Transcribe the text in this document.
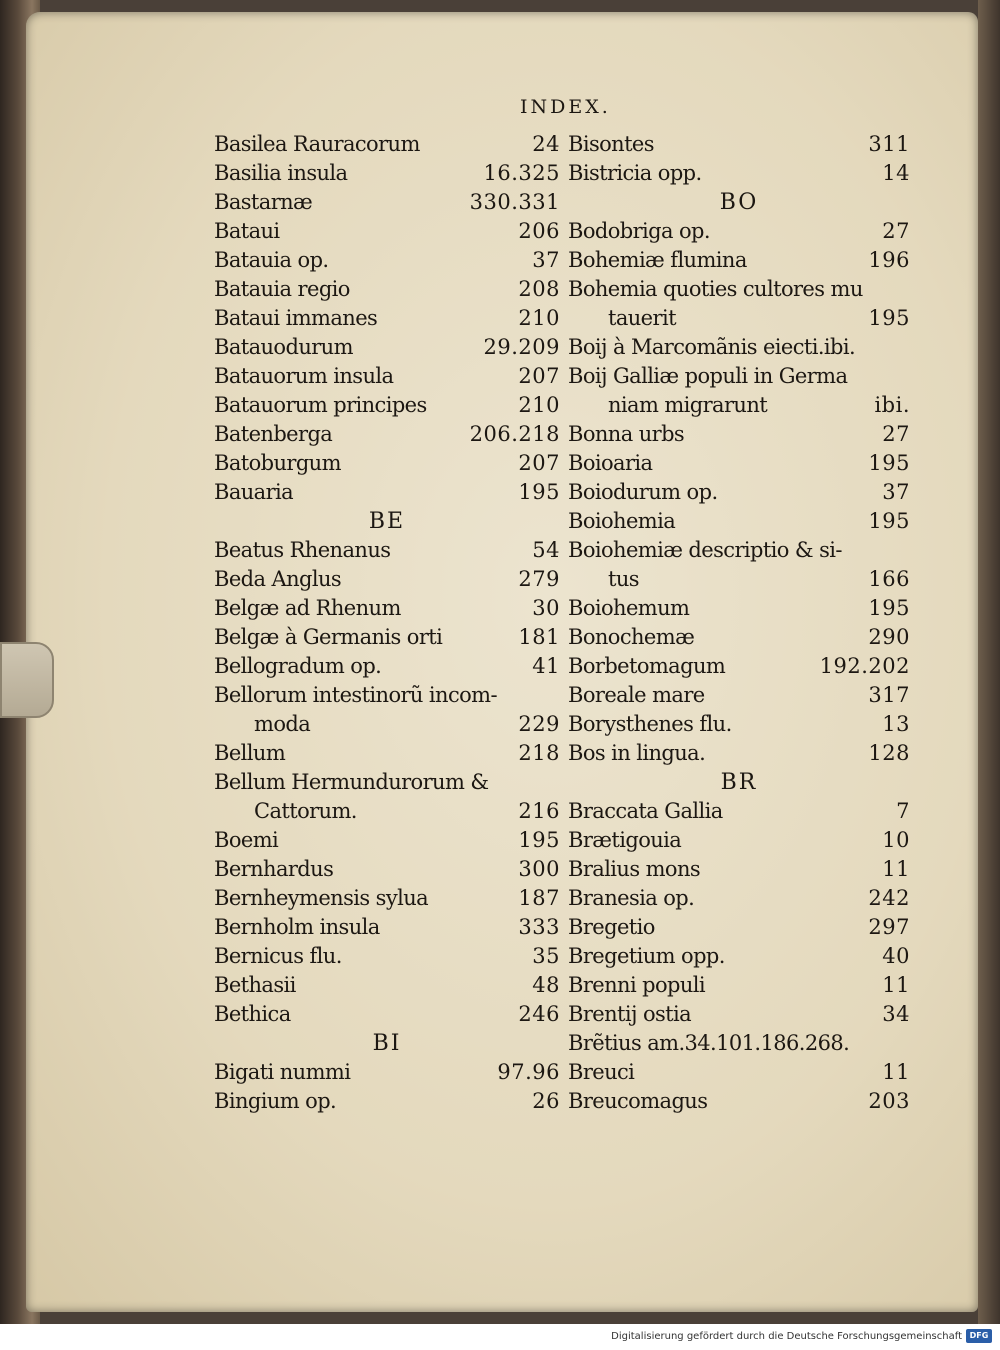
INDEX.
Basilea Rauracorum	24
Basilia insula	16.325
Bastarnæ	330.331
Bataui	206
Batauia op.	37
Batauia regio	208
Bataui immanes	210
Batauodurum	29.209
Batauorum insula	207
Batauorum principes	210
Batenberga	206.218
Batoburgum	207
Bauaria	195
BE
Beatus Rhenanus	54
Beda Anglus	279
Belgæ ad Rhenum	30
Belgæ à Germanis orti	181
Bellogradum op.	41
Bellorum intestinorũ incom-
moda	229
Bellum	218
Bellum Hermundurorum &
Cattorum.	216
Boemi	195
Bernhardus	300
Bernheymensis sylua	187
Bernholm insula	333
Bernicus flu.	35
Bethasii	48
Bethica	246
BI
Bigati nummi	97.96
Bingium op.	26
Bisontes	311
Bistricia opp.	14
BO
Bodobriga op.	27
Bohemiæ flumina	196
Bohemia quoties cultores mu
tauerit	195
Boij à Marcomãnis eiecti.ibi.
Boij Galliæ populi in Germa
niam migrarunt	ibi.
Bonna urbs	27
Boioaria	195
Boiodurum op.	37
Boiohemia	195
Boiohemiæ descriptio & si-
tus	166
Boiohemum	195
Bonochemæ	290
Borbetomagum	192.202
Boreale mare	317
Borysthenes flu.	13
Bos in lingua.	128
BR
Braccata Gallia	7
Brætigouia	10
Bralius mons	11
Branesia op.	242
Bregetio	297
Bregetium opp.	40
Brenni populi	11
Brentij ostia	34
Brẽtius am.34.101.186.268.
Breuci	11
Breucomagus	203
Digitalisierung gefördert durch die Deutsche Forschungsgemeinschaft DFG
